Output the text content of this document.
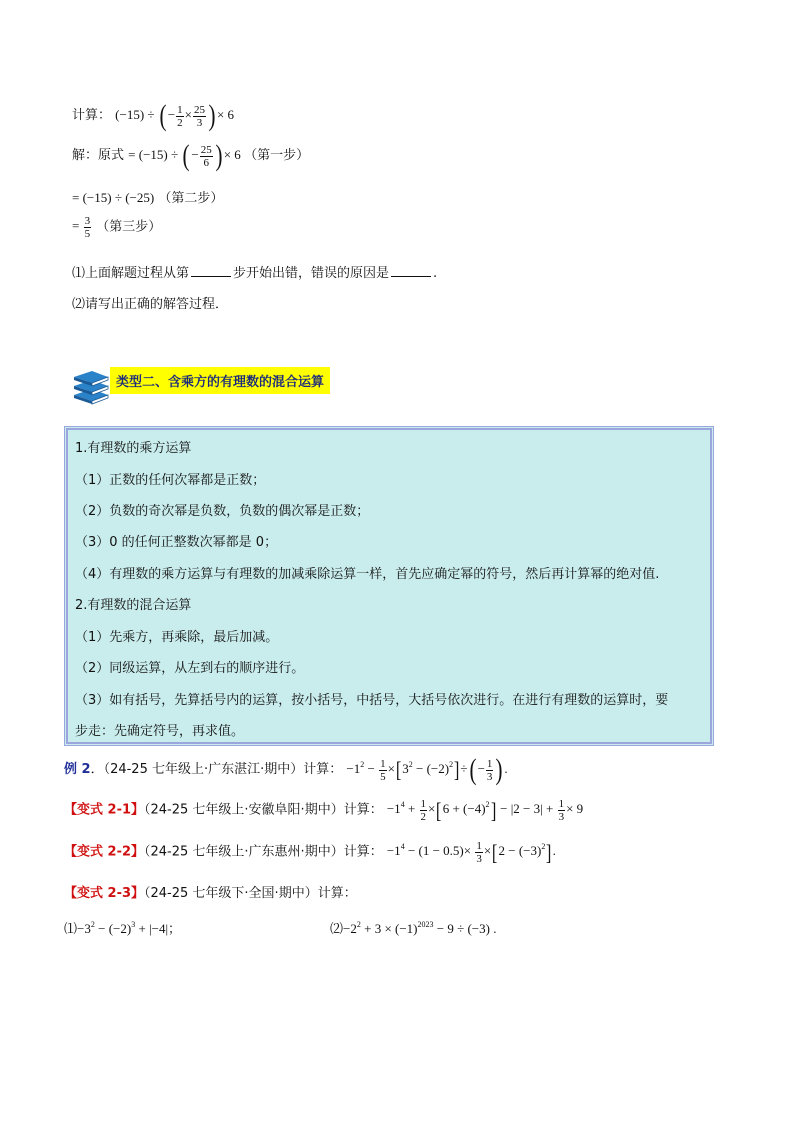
计算： (−15) ÷ ( − $\frac{1}{2} \times \frac{25}{3}$ ) × 6
解：原式 = (−15) ÷ ( − $\frac{25}{6}$ ) × 6 （第一步）
= (−15) ÷ (−25) （第二步）
= $\frac{3}{5}$ （第三步）
⑴上面解题过程从第	步开始出错，错误的原因是	.
⑵请写出正确的解答过程．
类型二、含乘方的有理数的混合运算
1.有理数的乘方运算
（1）正数的任何次幂都是正数；
（2）负数的奇次幂是负数，负数的偶次幂是正数；
（3）0 的任何正整数次幂都是 0；
（4）有理数的乘方运算与有理数的加减乘除运算一样，首先应确定幂的符号，然后再计算幂的绝对值.
2.有理数的混合运算
（1）先乘方，再乘除，最后加减。
（2）同级运算，从左到右的顺序进行。
（3）如有括号，先算括号内的运算，按小括号，中括号，大括号依次进行。在进行有理数的运算时，要
步走：先确定符号，再求值。
例 2．（24-25 七年级上·广东湛江·期中）计算： $-1^2 - \frac{1}{5} \times[3^2 - (-2)^2]\div( - \frac{1}{3}$ ) .
【变式 2-1】（24-25 七年级上·安徽阜阳·期中）计算： $-1^4 + \frac{1}{2} \times[6 + (-4)^2] - |2 - 3| + \frac{1}{3} \times 9$
【变式 2-2】（24-25 七年级上·广东惠州·期中）计算： $-1^4 - (1 - 0.5)\times \frac{1}{3} \times[2 - (-3)^2]$.
【变式 2-3】（24-25 七年级下·全国·期中）计算：
$⑴-3^2 - (-2)^3 + |-4|$；	$⑵-2^2 + 3 \times (-1)^{2023} - 9 \div (-3)$ .
